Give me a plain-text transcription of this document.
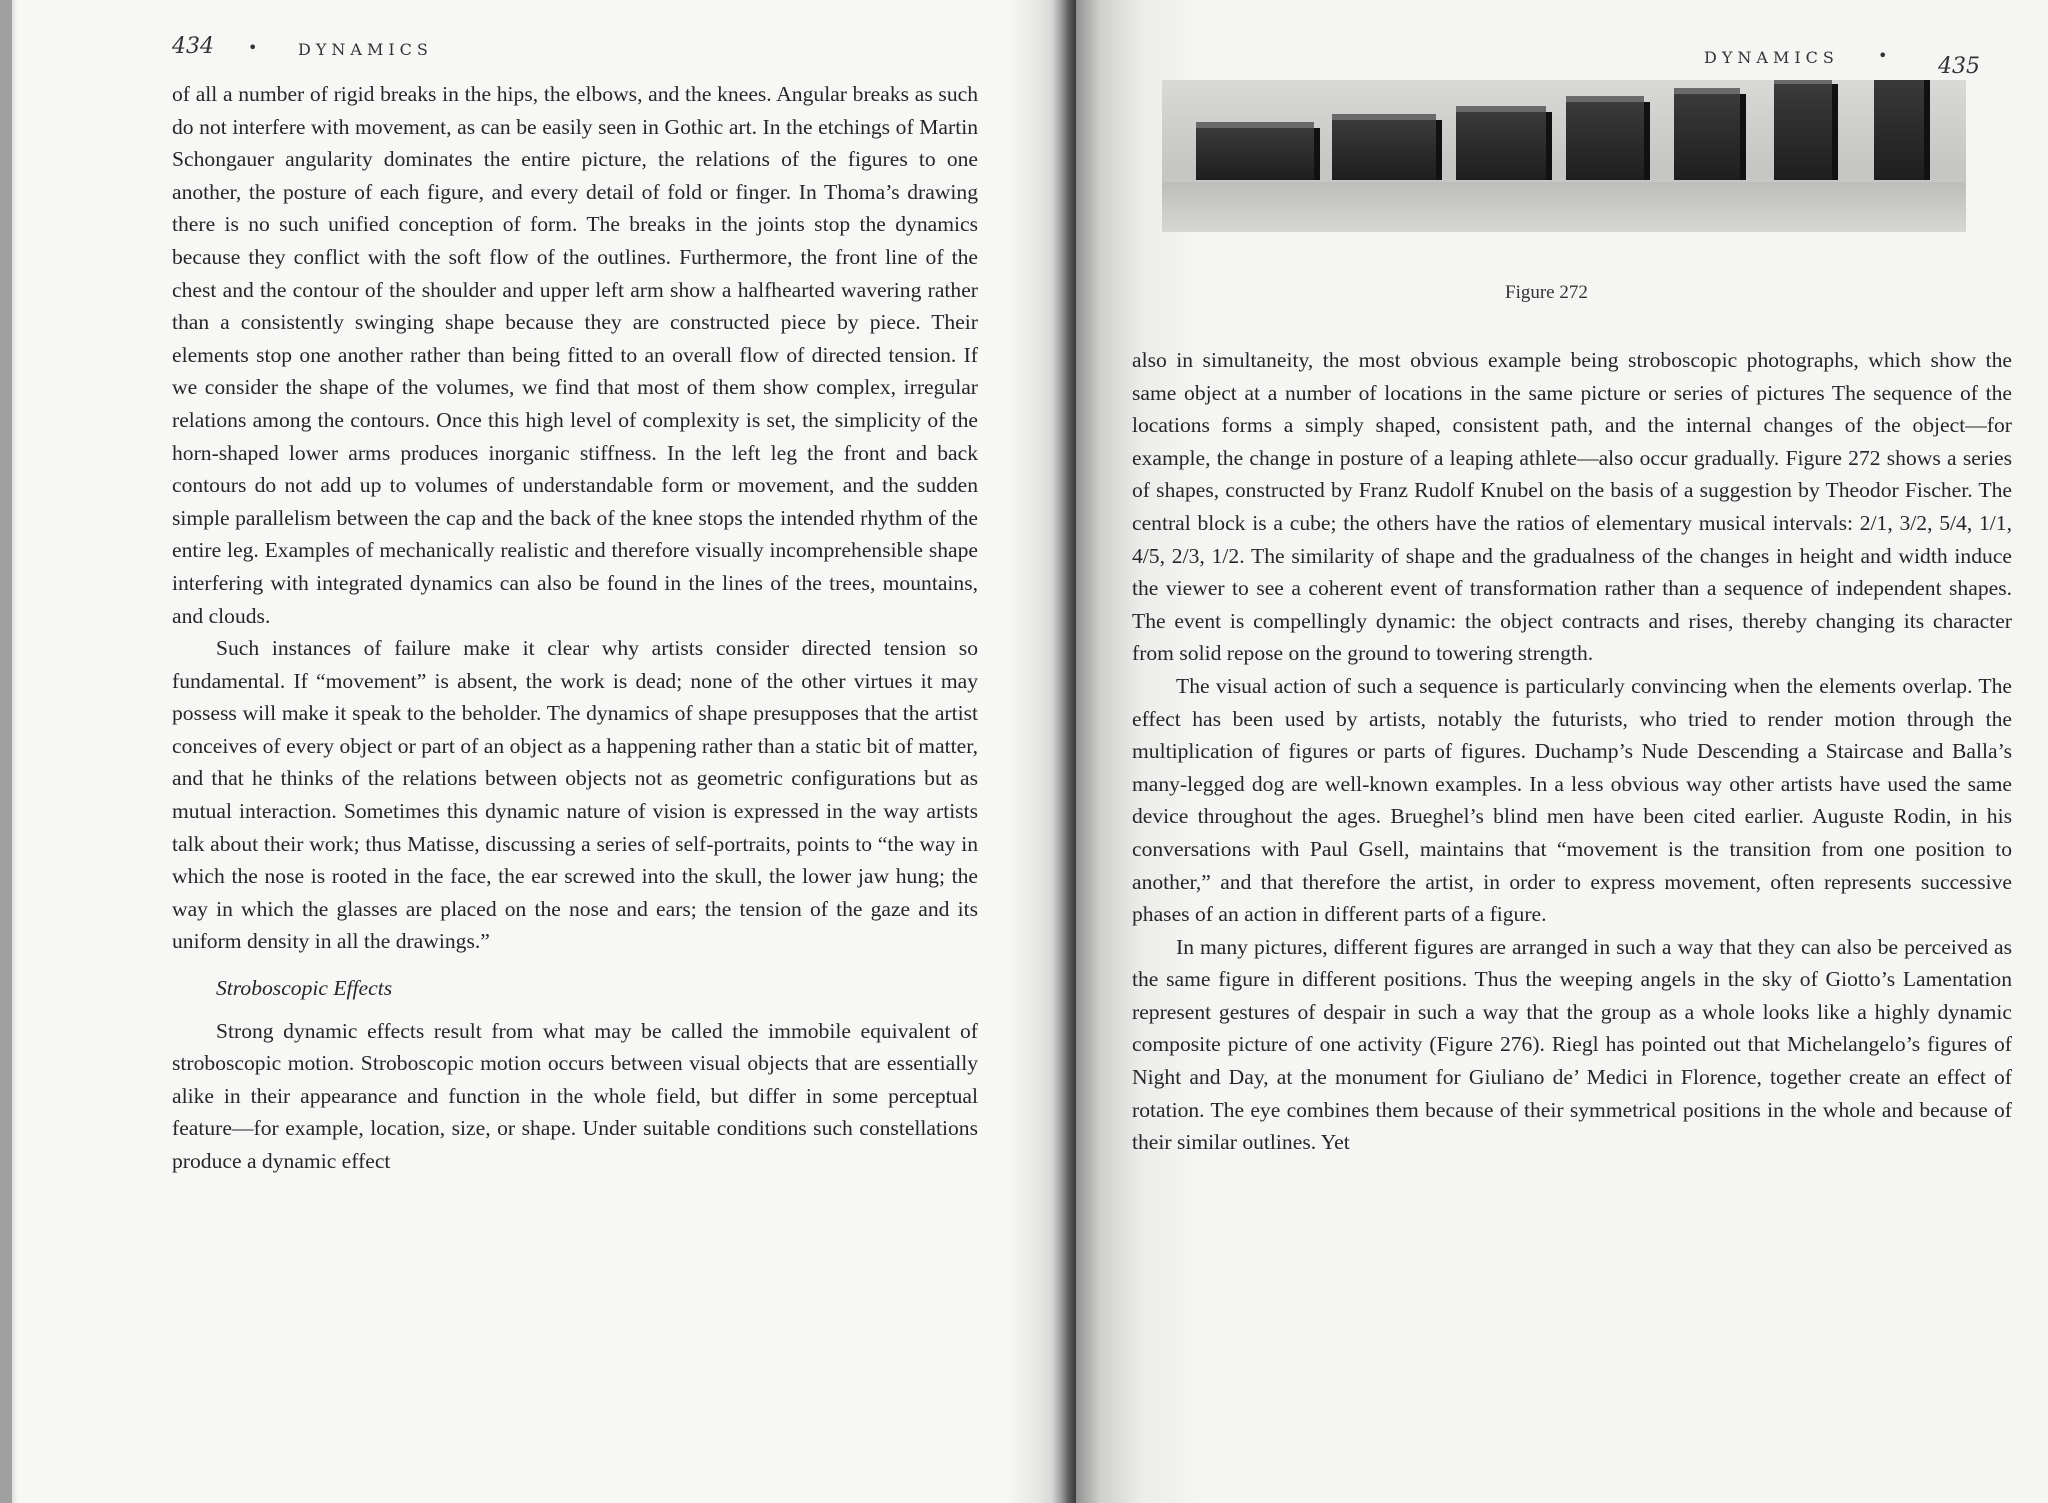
434 •	DYNAMICS

of all a number of rigid breaks in the hips, the elbows, and the knees. Angular breaks as such do not interfere with movement, as can be easily seen in Gothic art. In the etchings of Martin Schongauer angularity dominates the entire picture, the relations of the figures to one another, the posture of each figure, and every detail of fold or finger. In Thoma’s drawing there is no such unified conception of form. The breaks in the joints stop the dynamics because they conflict with the soft flow of the outlines. Furthermore, the front line of the chest and the contour of the shoulder and upper left arm show a halfhearted wavering rather than a consistently swinging shape because they are constructed piece by piece. Their elements stop one another rather than being fitted to an overall flow of directed tension. If we consider the shape of the volumes, we find that most of them show complex, irregular relations among the contours. Once this high level of complexity is set, the simplicity of the horn-shaped lower arms produces inorganic stiffness. In the left leg the front and back contours do not add up to volumes of understandable form or movement, and the sudden simple parallelism between the cap and the back of the knee stops the intended rhythm of the entire leg. Examples of mechanically realistic and therefore visually incomprehensible shape interfering with integrated dynamics can also be found in the lines of the trees, mountains, and clouds.

Such instances of failure make it clear why artists consider directed tension so fundamental. If “movement” is absent, the work is dead; none of the other virtues it may possess will make it speak to the beholder. The dynamics of shape presupposes that the artist conceives of every object or part of an object as a happening rather than a static bit of matter, and that he thinks of the relations between objects not as geometric configurations but as mutual interaction. Sometimes this dynamic nature of vision is expressed in the way artists talk about their work; thus Matisse, discussing a series of self-portraits, points to “the way in which the nose is rooted in the face, the ear screwed into the skull, the lower jaw hung; the way in which the glasses are placed on the nose and ears; the tension of the gaze and its uniform density in all the drawings.”

Stroboscopic Effects

Strong dynamic effects result from what may be called the immobile equivalent of stroboscopic motion. Stroboscopic motion occurs between visual objects that are essentially alike in their appearance and function in the whole field, but differ in some perceptual feature—for example, location, size, or shape. Under suitable conditions such constellations produce a dynamic effect

DYNAMICS • 435

also in simultaneity, the most obvious example being stroboscopic photographs, which show the same object at a number of locations in the same picture or series of pictures The sequence of the locations forms a simply shaped, consistent path, and the internal changes of the object—for example, the change in posture of a leaping athlete—also occur gradually. Figure 272 shows a series of shapes, constructed by Franz Rudolf Knubel on the basis of a suggestion by Theodor Fischer. The central block is a cube; the others have the ratios of elementary musical intervals: 2/1, 3/2, 5/4, 1/1, 4/5, 2/3, 1/2. The similarity of shape and the gradualness of the changes in height and width induce the viewer to see a coherent event of transformation rather than a sequence of independent shapes. The event is compellingly dynamic: the object contracts and rises, thereby changing its character from solid repose on the ground to towering strength.

The visual action of such a sequence is particularly convincing when the elements overlap. The effect has been used by artists, notably the futurists, who tried to render motion through the multiplication of figures or parts of figures. Duchamp’s Nude Descending a Staircase and Balla’s many-legged dog are well-known examples. In a less obvious way other artists have used the same device throughout the ages. Brueghel’s blind men have been cited earlier. Auguste Rodin, in his conversations with Paul Gsell, maintains that “movement is the transition from one position to another,” and that therefore the artist, in order to express movement, often represents successive phases of an action in different parts of a figure.

In many pictures, different figures are arranged in such a way that they can also be perceived as the same figure in different positions. Thus the weeping angels in the sky of Giotto’s Lamentation represent gestures of despair in such a way that the group as a whole looks like a highly dynamic composite picture of one activity (Figure 276). Riegl has pointed out that Michelangelo’s figures of Night and Day, at the monument for Giuliano de’ Medici in Florence, together create an effect of rotation. The eye combines them because of their symmetrical positions in the whole and because of their similar outlines. Yet

Figure 272
